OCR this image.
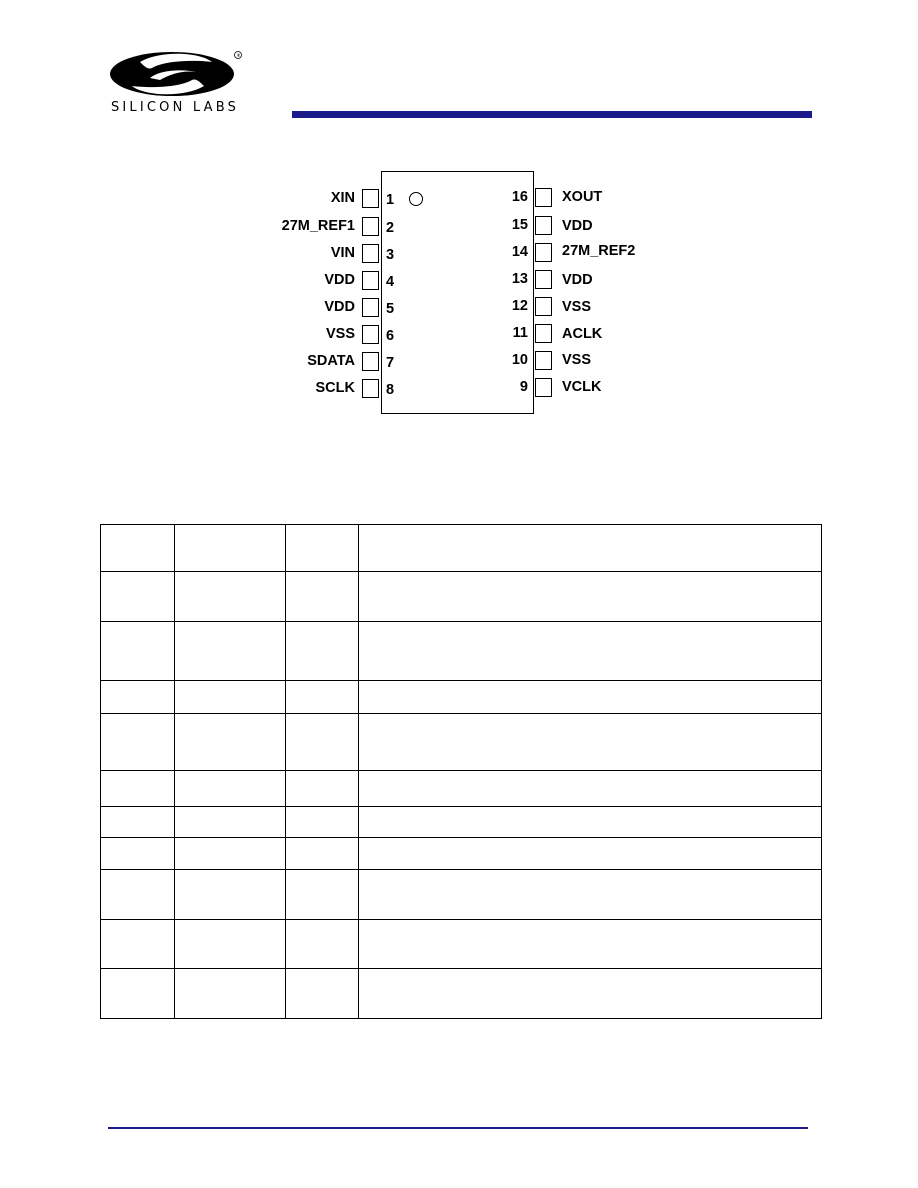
®
SILICON LABS
XIN 1
27M_REF1 2
VIN 3
VDD 4
VDD 5
VSS 6
SDATA 7
SCLK 8
16 XOUT
15 VDD
14 27M_REF2
13 VDD
12 VSS
11 ACLK
10 VSS
9 VCLK
